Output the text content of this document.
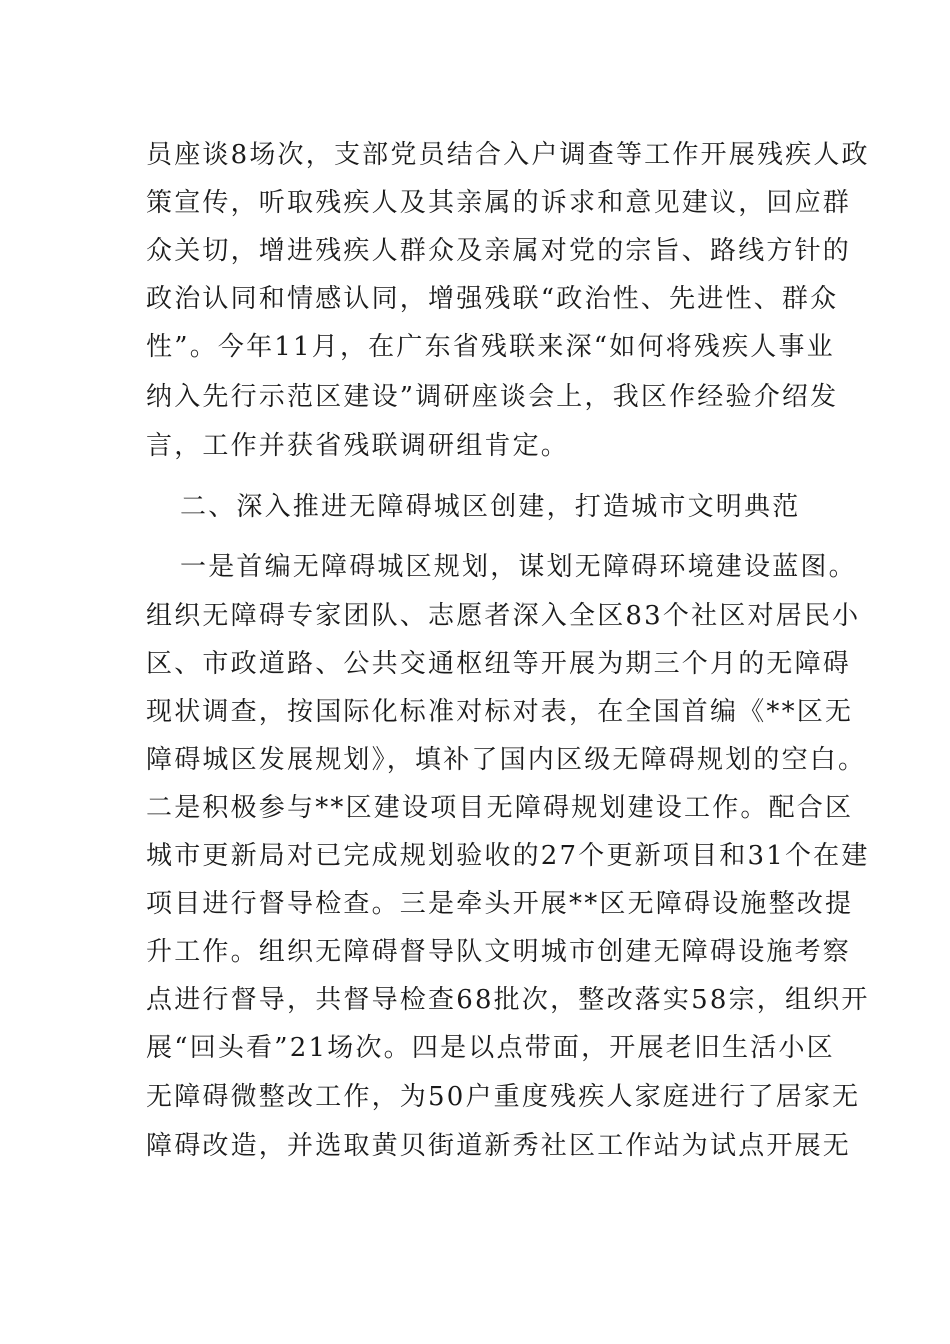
员座谈8场次，支部党员结合入户调查等工作开展残疾人政
策宣传，听取残疾人及其亲属的诉求和意见建议，回应群
众关切，增进残疾人群众及亲属对党的宗旨、路线方针的
政治认同和情感认同，增强残联“政治性、先进性、群众
性”。今年11月，在广东省残联来深“如何将残疾人事业
纳入先行示范区建设”调研座谈会上，我区作经验介绍发
言，工作并获省残联调研组肯定。
二、深入推进无障碍城区创建，打造城市文明典范
一是首编无障碍城区规划，谋划无障碍环境建设蓝图。
组织无障碍专家团队、志愿者深入全区83个社区对居民小
区、市政道路、公共交通枢纽等开展为期三个月的无障碍
现状调查，按国际化标准对标对表，在全国首编《**区无
障碍城区发展规划》，填补了国内区级无障碍规划的空白。
二是积极参与**区建设项目无障碍规划建设工作。配合区
城市更新局对已完成规划验收的27个更新项目和31个在建
项目进行督导检查。三是牵头开展**区无障碍设施整改提
升工作。组织无障碍督导队文明城市创建无障碍设施考察
点进行督导，共督导检查68批次，整改落实58宗，组织开
展“回头看”21场次。四是以点带面，开展老旧生活小区
无障碍微整改工作，为50户重度残疾人家庭进行了居家无
障碍改造，并选取黄贝街道新秀社区工作站为试点开展无
